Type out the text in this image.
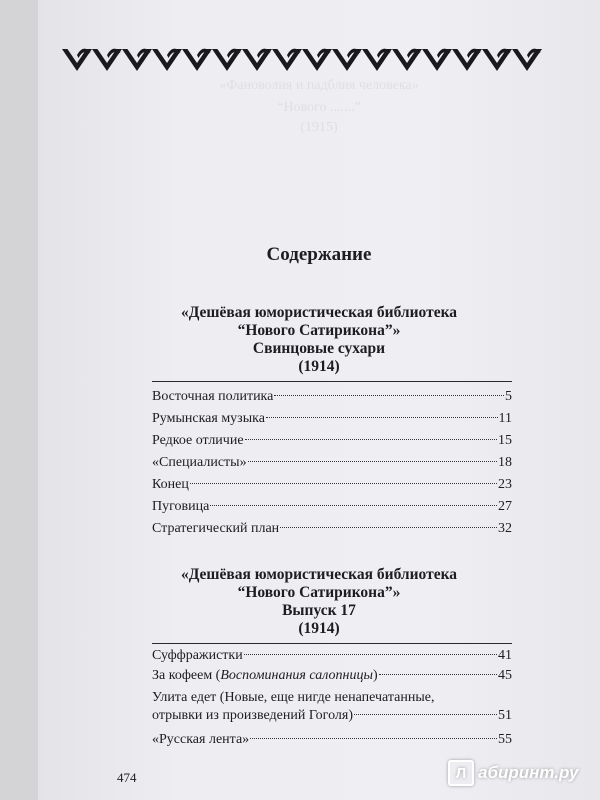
«Фановолия и падблия человека»
“Нового .......”
(1915)
Содержание
«Дешёвая юмористическая библиотека
“Нового Сатирикона”»
Свинцовые сухари
(1914)
Восточная политика	5
Румынская музыка	11
Редкое отличие	15
«Специалисты»	18
Конец	23
Пуговица	27
Стратегический план	32
«Дешёвая юмористическая библиотека
“Нового Сатирикона”»
Выпуск 17
(1914)
Суффражистки	41
За кофеем (Воспоминания салопницы)	45
Улита едет (Новые, еще нигде ненапечатанные,
отрывки из произведений Гоголя)	51
«Русская лента»	55
474	Л абиринт.ру
